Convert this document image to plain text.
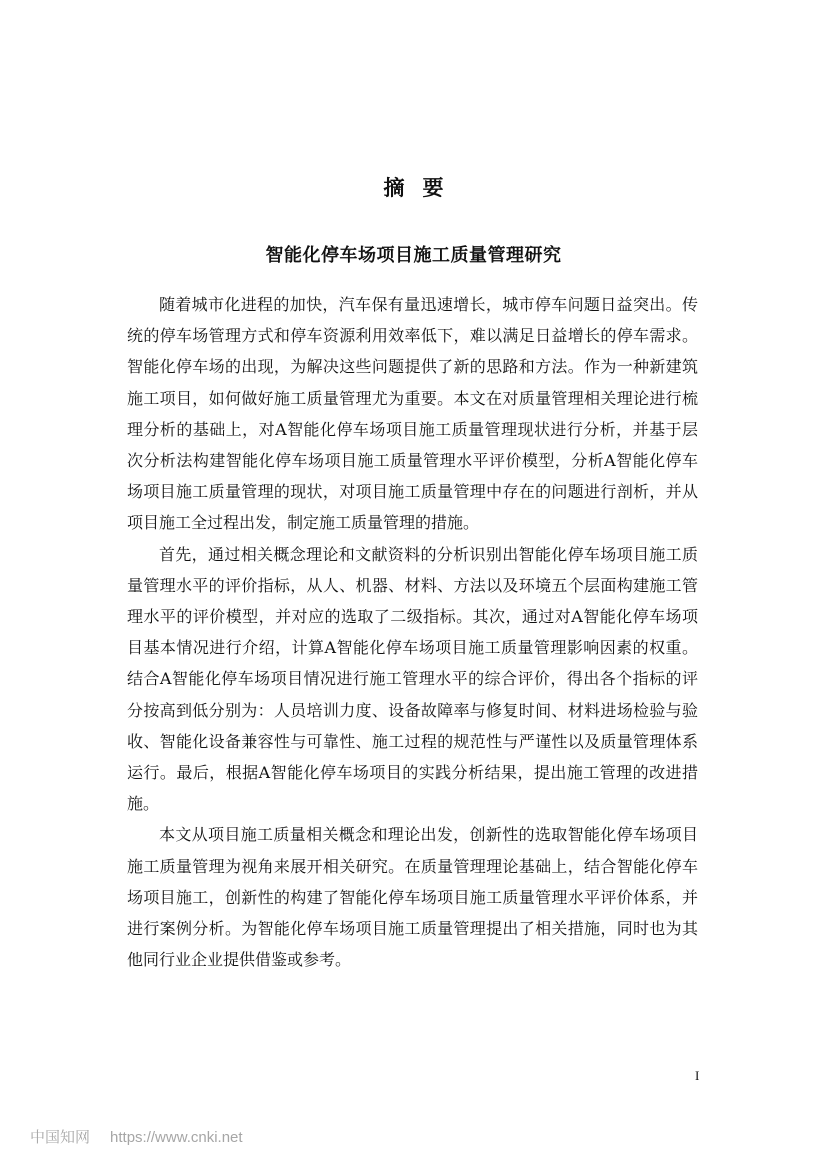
摘要
智能化停车场项目施工质量管理研究

随着城市化进程的加快，汽车保有量迅速增长，城市停车问题日益突出。传统的停车场管理方式和停车资源利用效率低下，难以满足日益增长的停车需求。智能化停车场的出现，为解决这些问题提供了新的思路和方法。作为一种新建筑施工项目，如何做好施工质量管理尤为重要。本文在对质量管理相关理论进行梳理分析的基础上，对A智能化停车场项目施工质量管理现状进行分析，并基于层次分析法构建智能化停车场项目施工质量管理水平评价模型，分析A智能化停车场项目施工质量管理的现状，对项目施工质量管理中存在的问题进行剖析，并从项目施工全过程出发，制定施工质量管理的措施。

首先，通过相关概念理论和文献资料的分析识别出智能化停车场项目施工质量管理水平的评价指标，从人、机器、材料、方法以及环境五个层面构建施工管理水平的评价模型，并对应的选取了二级指标。其次，通过对A智能化停车场项目基本情况进行介绍，计算A智能化停车场项目施工质量管理影响因素的权重。结合A智能化停车场项目情况进行施工管理水平的综合评价，得出各个指标的评分按高到低分别为：人员培训力度、设备故障率与修复时间、材料进场检验与验收、智能化设备兼容性与可靠性、施工过程的规范性与严谨性以及质量管理体系运行。最后，根据A智能化停车场项目的实践分析结果，提出施工管理的改进措施。

本文从项目施工质量相关概念和理论出发，创新性的选取智能化停车场项目施工质量管理为视角来展开相关研究。在质量管理理论基础上，结合智能化停车场项目施工，创新性的构建了智能化停车场项目施工质量管理水平评价体系，并进行案例分析。为智能化停车场项目施工质量管理提出了相关措施，同时也为其他同行业企业提供借鉴或参考。

I
中国知网 https://www.cnki.net
